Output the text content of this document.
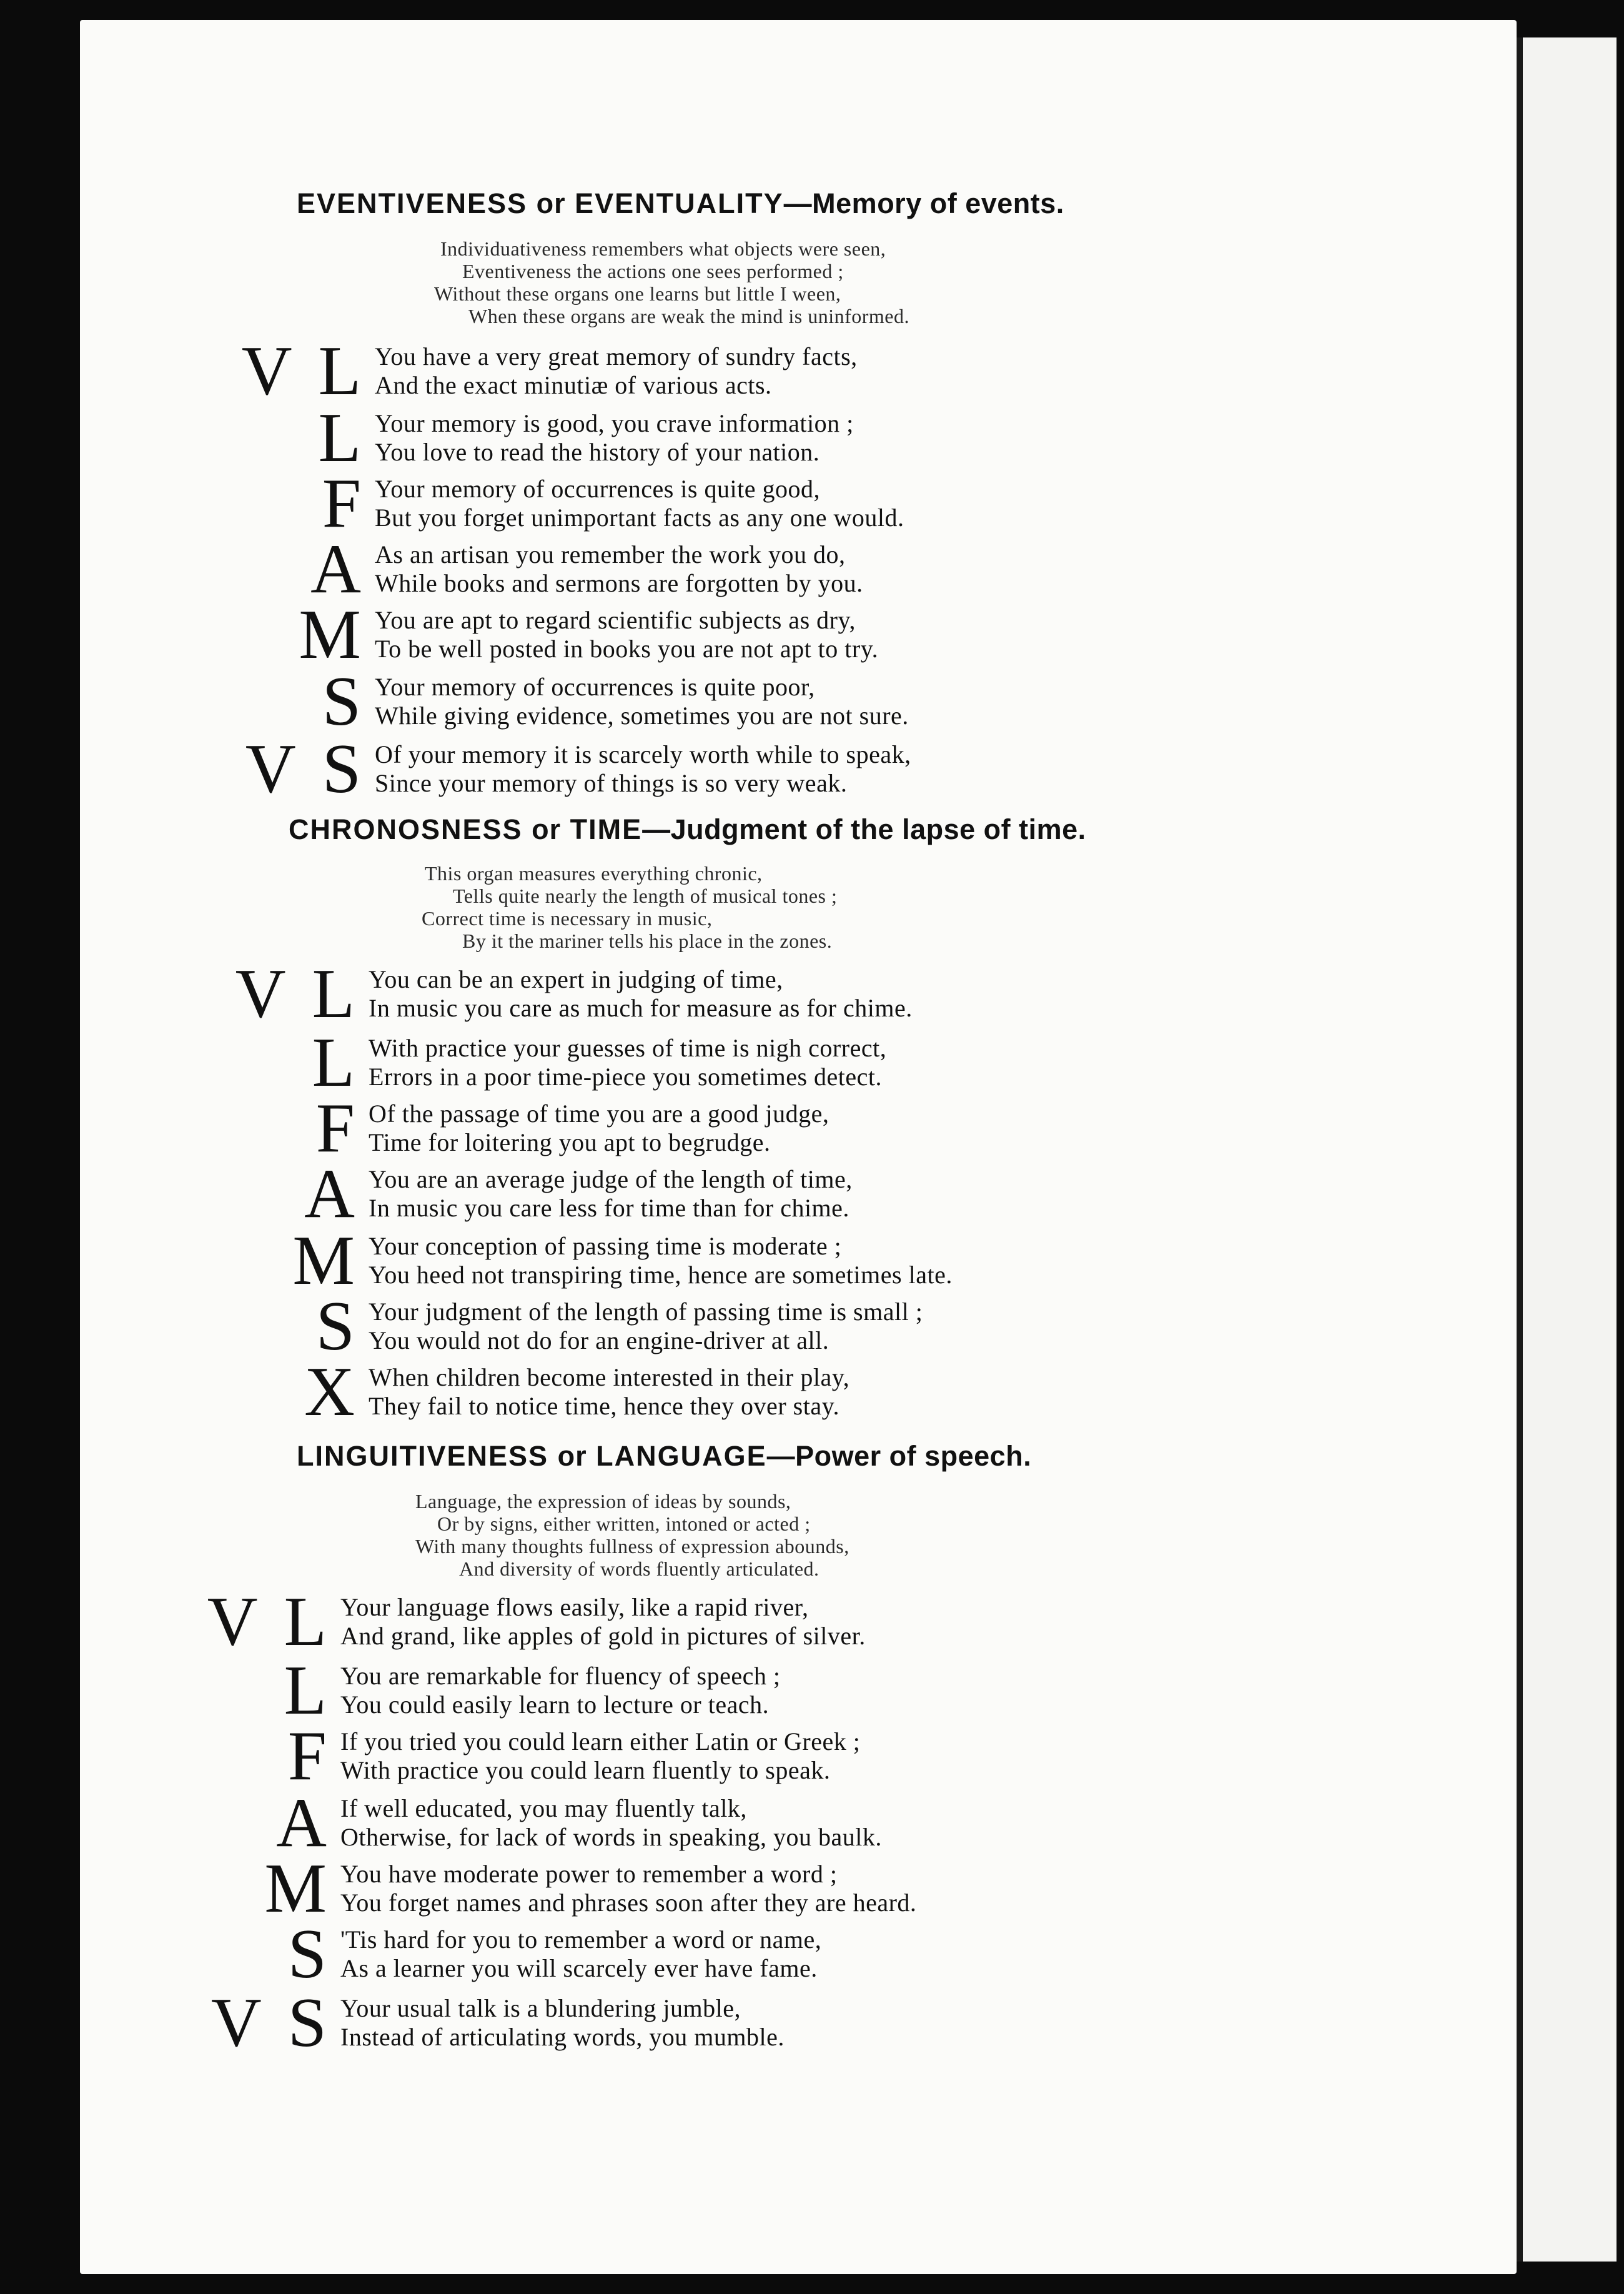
EVENTIVENESS or EVENTUALITY—Memory of events.
Individuativeness remembers what objects were seen,
Eventiveness the actions one sees performed ;
Without these organs one learns but little I ween,
When these organs are weak the mind is uninformed.
V L You have a very great memory of sundry facts,
And the exact minutiæ of various acts.
L Your memory is good, you crave information ;
You love to read the history of your nation.
F Your memory of occurrences is quite good,
But you forget unimportant facts as any one would.
A As an artisan you remember the work you do,
While books and sermons are forgotten by you.
M You are apt to regard scientific subjects as dry,
To be well posted in books you are not apt to try.
S Your memory of occurrences is quite poor,
While giving evidence, sometimes you are not sure.
V S Of your memory it is scarcely worth while to speak,
Since your memory of things is so very weak.
CHRONOSNESS or TIME—Judgment of the lapse of time.
This organ measures everything chronic,
Tells quite nearly the length of musical tones ;
Correct time is necessary in music,
By it the mariner tells his place in the zones.
V L You can be an expert in judging of time,
In music you care as much for measure as for chime.
L With practice your guesses of time is nigh correct,
Errors in a poor time-piece you sometimes detect.
F Of the passage of time you are a good judge,
Time for loitering you apt to begrudge.
A You are an average judge of the length of time,
In music you care less for time than for chime.
M Your conception of passing time is moderate ;
You heed not transpiring time, hence are sometimes late.
S Your judgment of the length of passing time is small ;
You would not do for an engine-driver at all.
X When children become interested in their play,
They fail to notice time, hence they over stay.
LINGUITIVENESS or LANGUAGE—Power of speech.
Language, the expression of ideas by sounds,
Or by signs, either written, intoned or acted ;
With many thoughts fullness of expression abounds,
And diversity of words fluently articulated.
V L Your language flows easily, like a rapid river,
And grand, like apples of gold in pictures of silver.
L You are remarkable for fluency of speech ;
You could easily learn to lecture or teach.
F If you tried you could learn either Latin or Greek ;
With practice you could learn fluently to speak.
A If well educated, you may fluently talk,
Otherwise, for lack of words in speaking, you baulk.
M You have moderate power to remember a word ;
You forget names and phrases soon after they are heard.
S 'Tis hard for you to remember a word or name,
As a learner you will scarcely ever have fame.
V S Your usual talk is a blundering jumble,
Instead of articulating words, you mumble.
